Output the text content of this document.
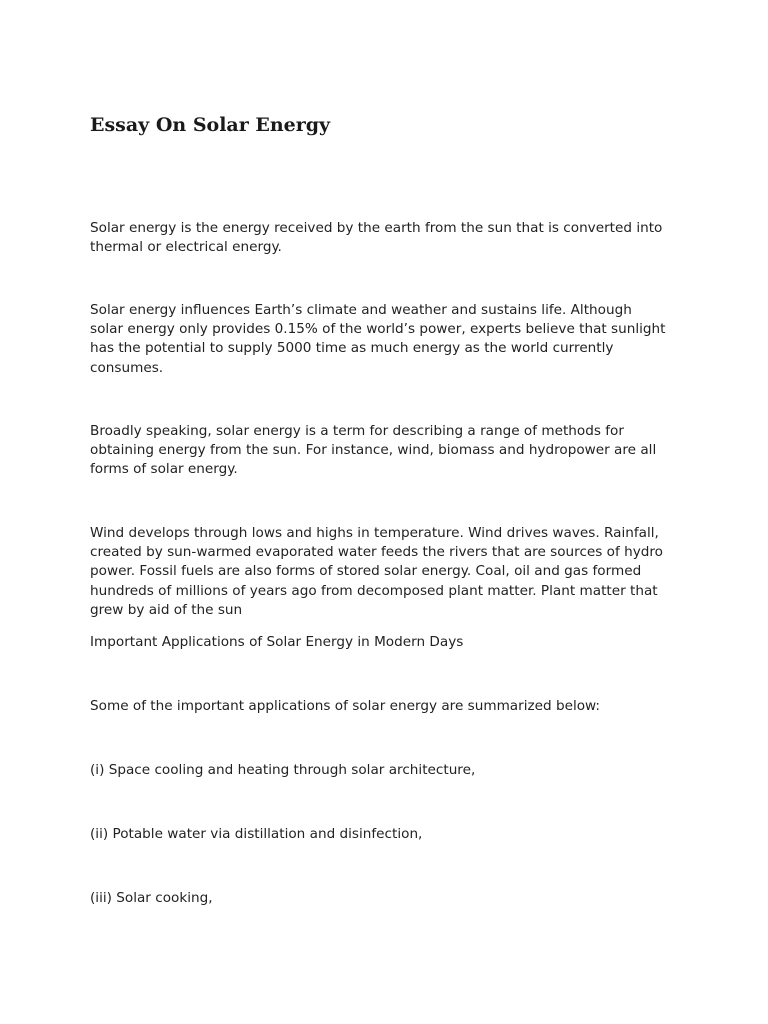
Essay On Solar Energy

Solar energy is the energy received by the earth from the sun that is converted into
thermal or electrical energy.

Solar energy influences Earth’s climate and weather and sustains life. Although
solar energy only provides 0.15% of the world’s power, experts believe that sunlight
has the potential to supply 5000 time as much energy as the world currently
consumes.

Broadly speaking, solar energy is a term for describing a range of methods for
obtaining energy from the sun. For instance, wind, biomass and hydropower are all
forms of solar energy.

Wind develops through lows and highs in temperature. Wind drives waves. Rainfall,
created by sun-warmed evaporated water feeds the rivers that are sources of hydro
power. Fossil fuels are also forms of stored solar energy. Coal, oil and gas formed
hundreds of millions of years ago from decomposed plant matter. Plant matter that
grew by aid of the sun

Important Applications of Solar Energy in Modern Days

Some of the important applications of solar energy are summarized below:

(i) Space cooling and heating through solar architecture,

(ii) Potable water via distillation and disinfection,

(iii) Solar cooking,
